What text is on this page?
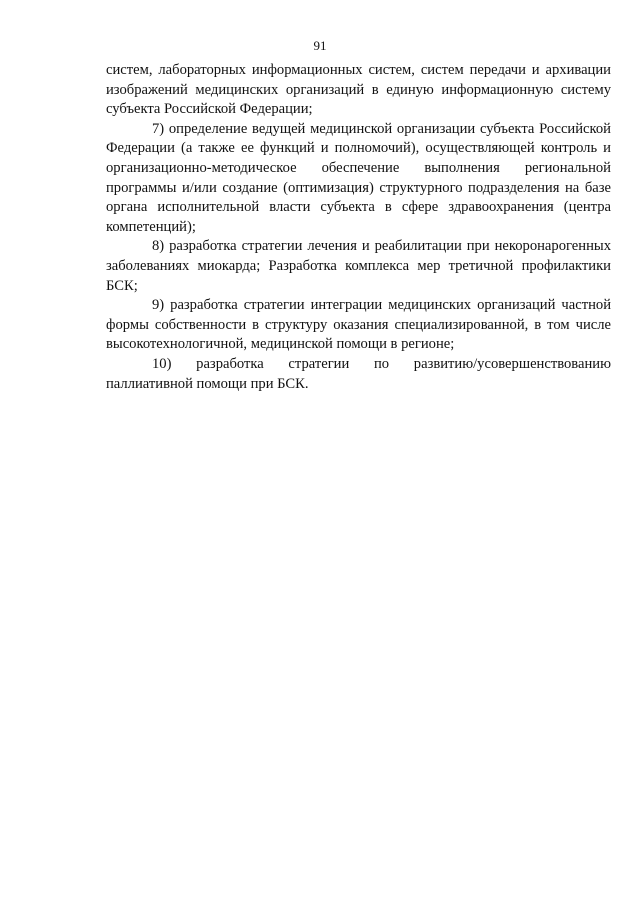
91

систем, лабораторных информационных систем, систем передачи и архивации изображений медицинских организаций в единую информационную систему субъекта Российской Федерации;

7) определение ведущей медицинской организации субъекта Российской Федерации (а также ее функций и полномочий), осуществляющей контроль и организационно-методическое обеспечение выполнения региональной программы и/или создание (оптимизация) структурного подразделения на базе органа исполнительной власти субъекта в сфере здравоохранения (центра компетенций);

8) разработка стратегии лечения и реабилитации при некоронарогенных заболеваниях миокарда; Разработка комплекса мер третичной профилактики БСК;

9) разработка стратегии интеграции медицинских организаций частной формы собственности в структуру оказания специализированной, в том числе высокотехнологичной, медицинской помощи в регионе;

10) разработка стратегии по развитию/усовершенствованию паллиативной помощи при БСК.
